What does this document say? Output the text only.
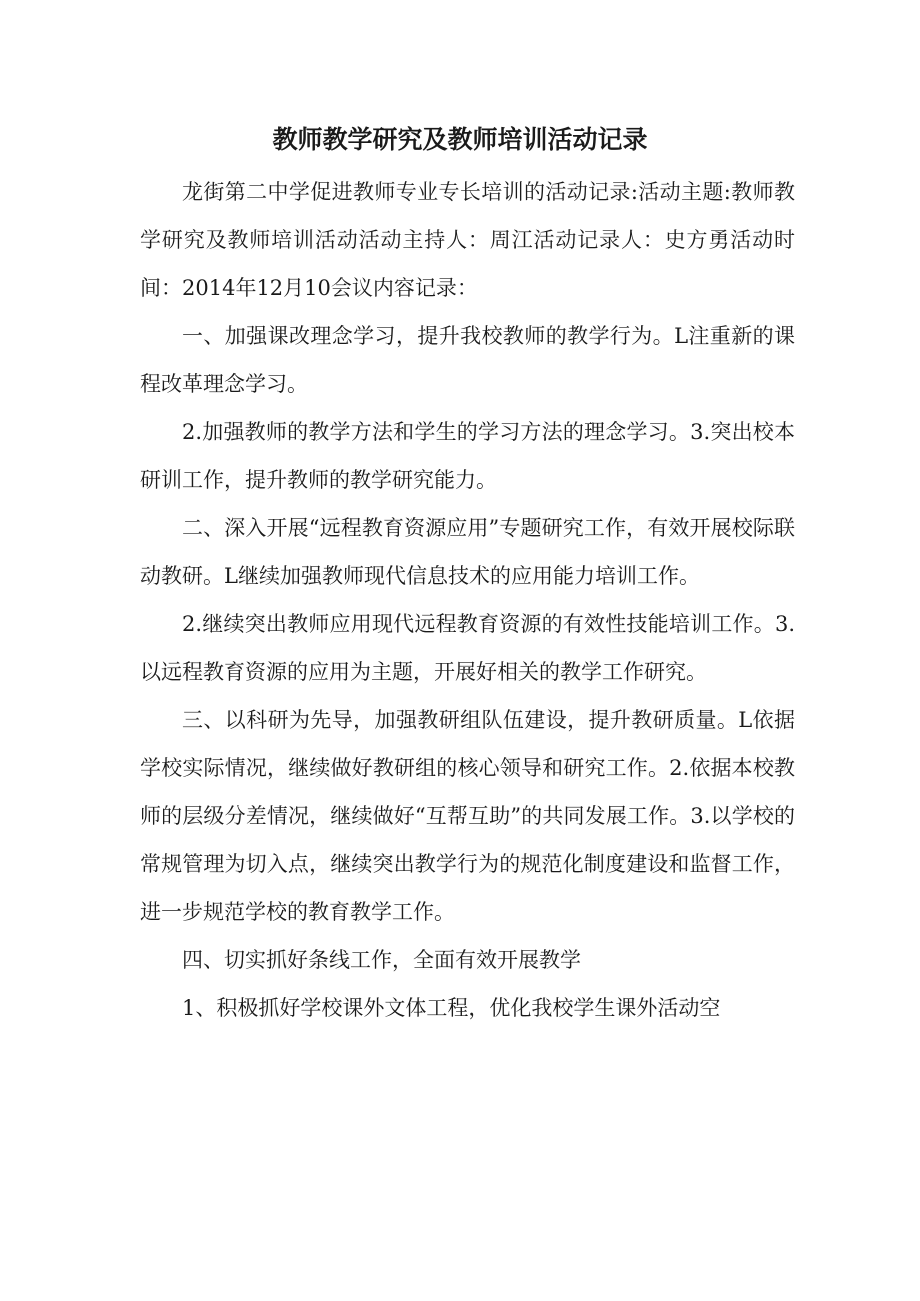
教师教学研究及教师培训活动记录

龙街第二中学促进教师专业专长培训的活动记录:活动主题:教师教学研究及教师培训活动活动主持人：周江活动记录人：史方勇活动时间：2014年12月10会议内容记录：

一、加强课改理念学习，提升我校教师的教学行为。L注重新的课程改革理念学习。

2.加强教师的教学方法和学生的学习方法的理念学习。3.突出校本研训工作，提升教师的教学研究能力。

二、深入开展“远程教育资源应用”专题研究工作，有效开展校际联动教研。L继续加强教师现代信息技术的应用能力培训工作。

2.继续突出教师应用现代远程教育资源的有效性技能培训工作。3.以远程教育资源的应用为主题，开展好相关的教学工作研究。

三、以科研为先导，加强教研组队伍建设，提升教研质量。L依据学校实际情况，继续做好教研组的核心领导和研究工作。2.依据本校教师的层级分差情况，继续做好“互帮互助”的共同发展工作。3.以学校的常规管理为切入点，继续突出教学行为的规范化制度建设和监督工作，进一步规范学校的教育教学工作。

四、切实抓好条线工作，全面有效开展教学

1、积极抓好学校课外文体工程，优化我校学生课外活动空
